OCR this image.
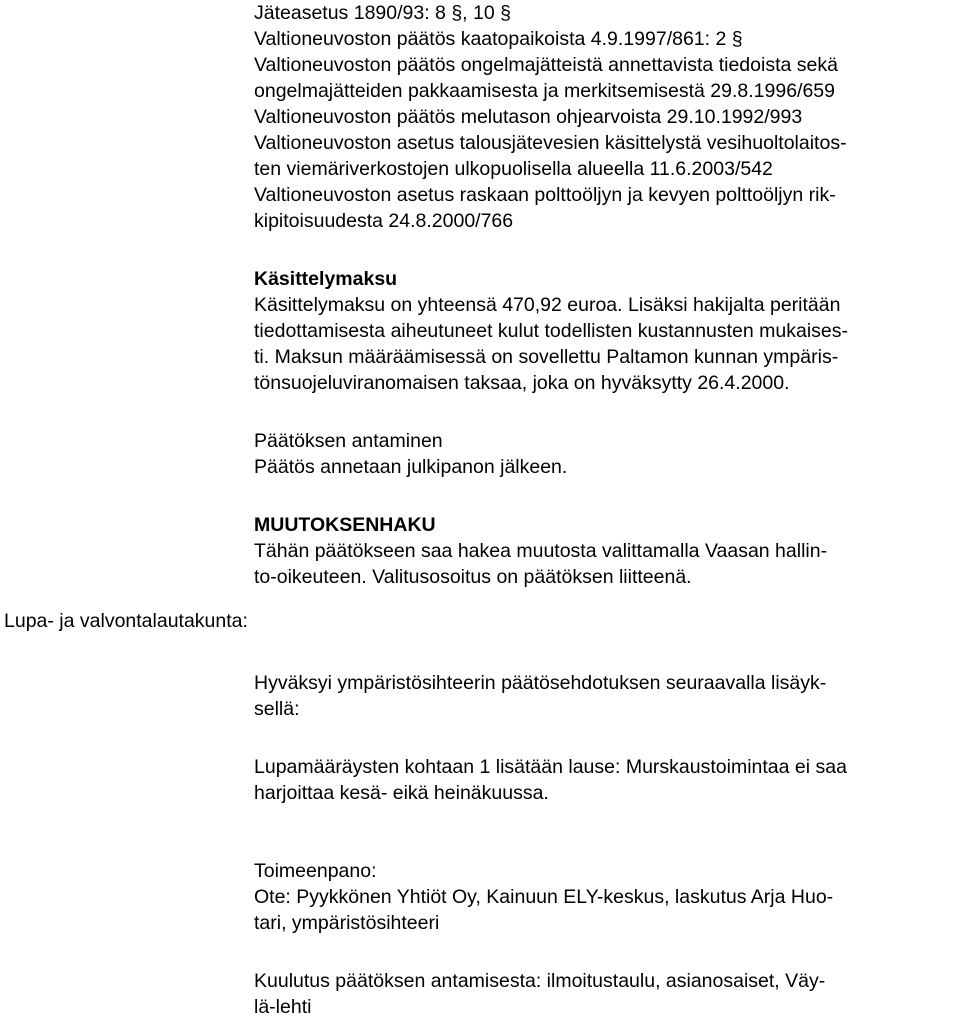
Jäteasetus 1890/93: 8 §, 10 §
Valtioneuvoston päätös kaatopaikoista 4.9.1997/861: 2 §
Valtioneuvoston päätös ongelmajätteistä annettavista tiedoista sekä
ongelmajätteiden pakkaamisesta ja merkitsemisestä 29.8.1996/659
Valtioneuvoston päätös melutason ohjearvoista 29.10.1992/993
Valtioneuvoston asetus talousjätevesien käsittelystä vesihuoltolaitos-
ten viemäriverkostojen ulkopuolisella alueella 11.6.2003/542
Valtioneuvoston asetus raskaan polttoöljyn ja kevyen polttoöljyn rik-
kipitoisuudesta 24.8.2000/766
Käsittelymaksu
Käsittelymaksu on yhteensä 470,92 euroa. Lisäksi hakijalta peritään
tiedottamisesta aiheutuneet kulut todellisten kustannusten mukaises-
ti. Maksun määräämisessä on sovellettu Paltamon kunnan ympäris-
tönsuojeluviranomaisen taksaa, joka on hyväksytty 26.4.2000.
Päätöksen antaminen
Päätös annetaan julkipanon jälkeen.
MUUTOKSENHAKU
Tähän päätökseen saa hakea muutosta valittamalla Vaasan hallin-
to-oikeuteen. Valitusosoitus on päätöksen liitteenä.
Hyväksyi ympäristösihteerin päätösehdotuksen seuraavalla lisäyk-
sellä:
Lupamääräysten kohtaan 1 lisätään lause: Murskaustoimintaa ei saa
harjoittaa kesä- eikä heinäkuussa.
Toimeenpano:
Ote: Pyykkönen Yhtiöt Oy, Kainuun ELY-keskus, laskutus Arja Huo-
tari, ympäristösihteeri
Kuulutus päätöksen antamisesta: ilmoitustaulu, asianosaiset, Väy-
lä-lehti
Lupa- ja valvontalautakunta:
